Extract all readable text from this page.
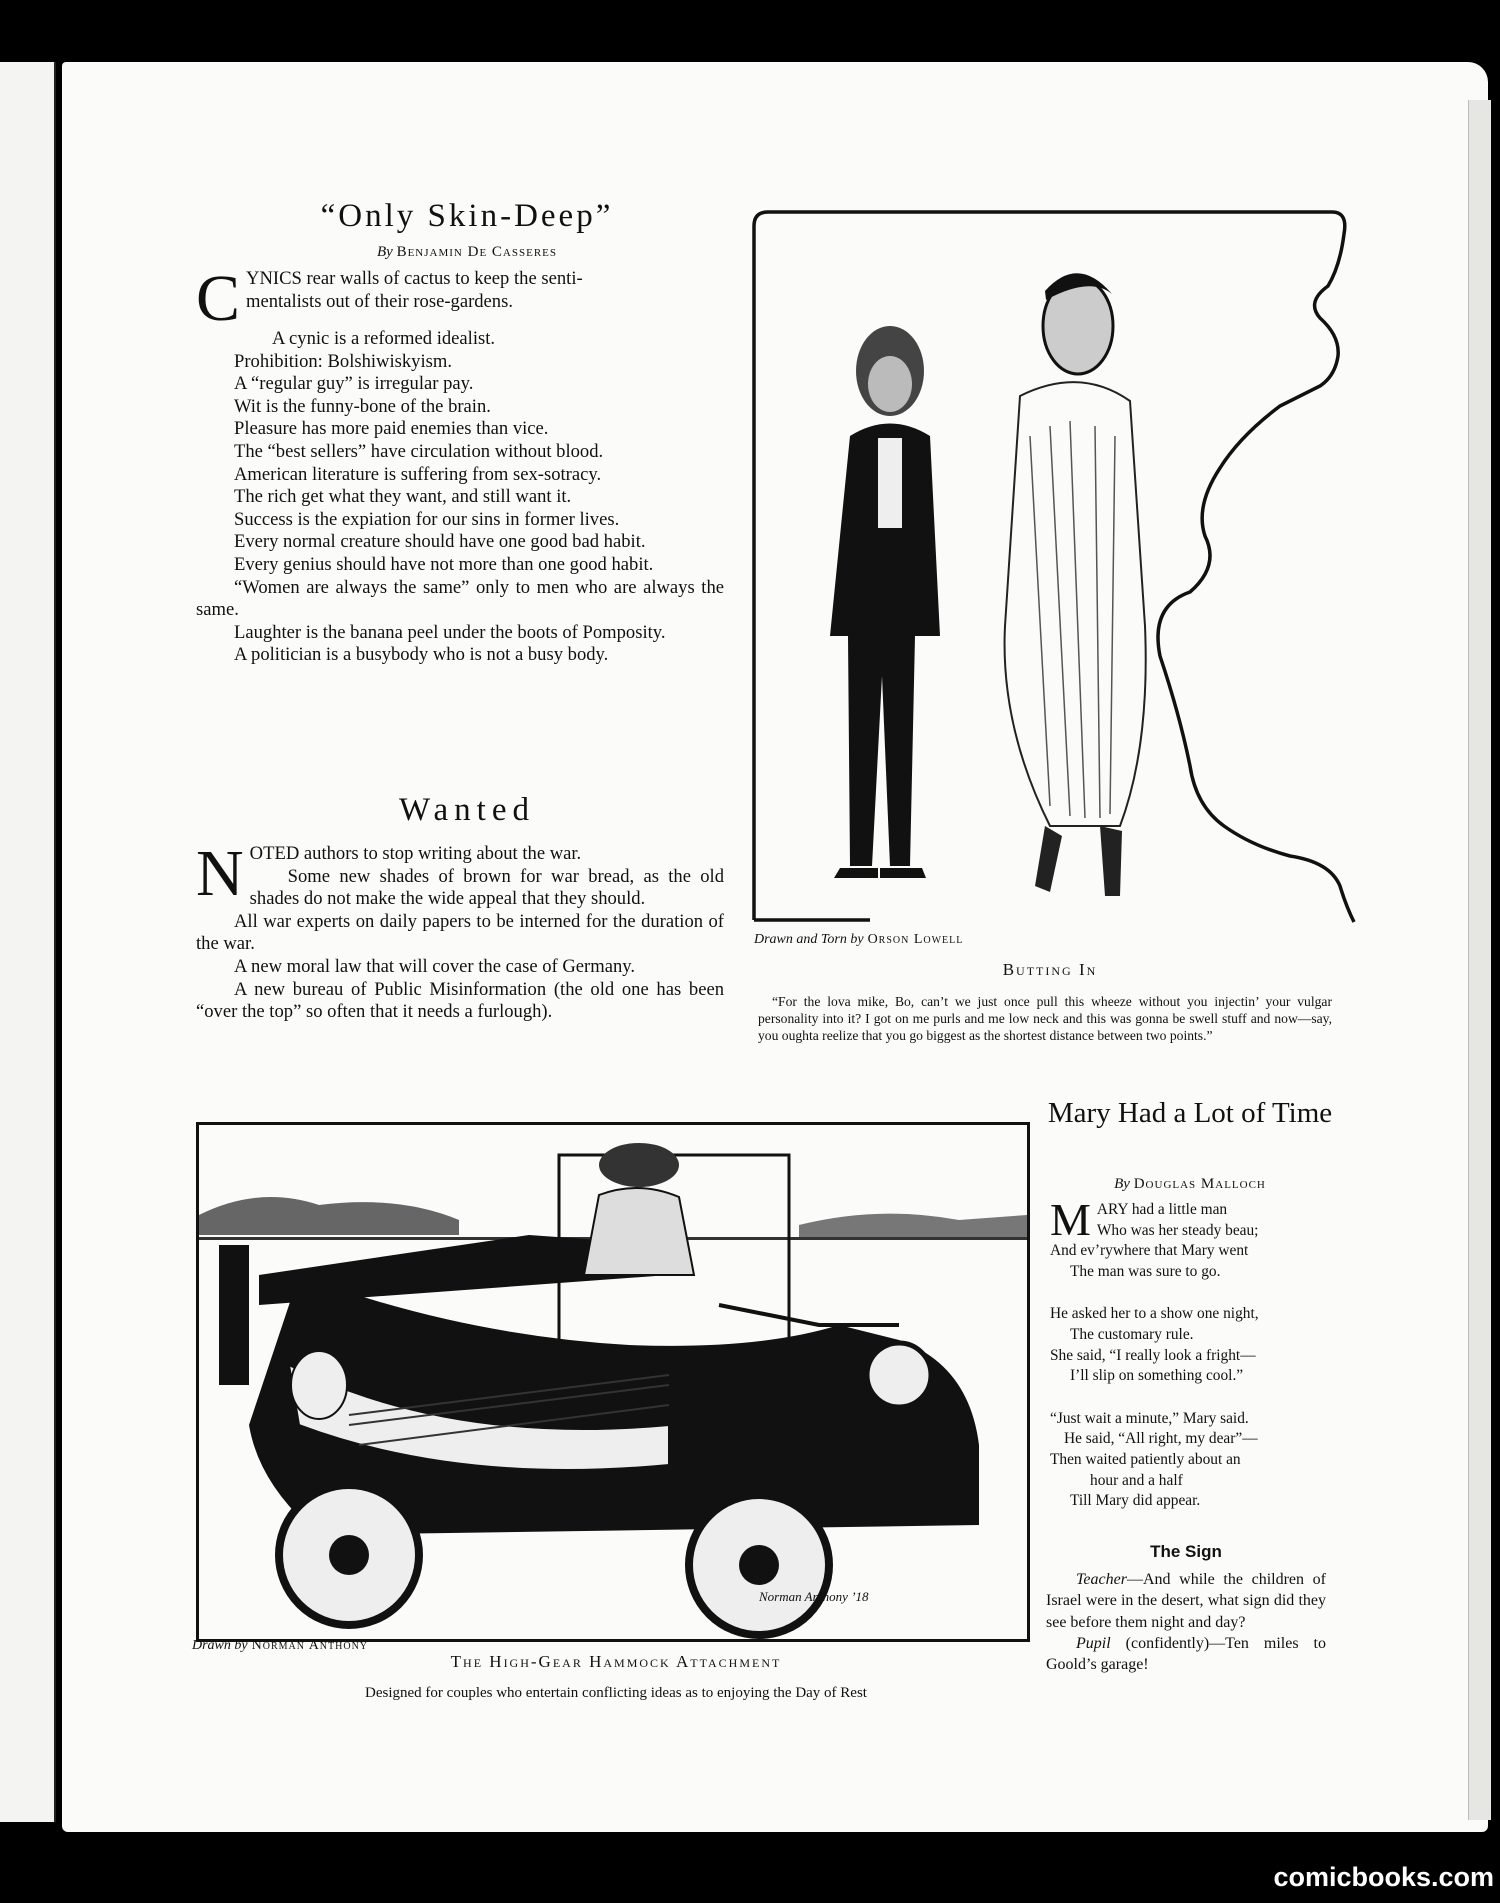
“Only Skin-Deep”
By Benjamin De Casseres
C YNICS rear walls of cactus to keep the senti-
mentalists out of their rose-gardens.
A cynic is a reformed idealist.
Prohibition: Bolshiwiskyism.
A “regular guy” is irregular pay.
Wit is the funny-bone of the brain.
Pleasure has more paid enemies than vice.
The “best sellers” have circulation without blood.
American literature is suffering from sex-sotracy.
The rich get what they want, and still want it.
Success is the expiation for our sins in former lives.
Every normal creature should have one good bad habit.
Every genius should have not more than one good habit.
“Women are always the same” only to men who are always the same.
Laughter is the banana peel under the boots of Pomposity.
A politician is a busybody who is not a busy body.
Wanted
N OTED authors to stop writing about the war.
Some new shades of brown for war bread, as the old shades do not make the wide appeal that they should.
All war experts on daily papers to be interned for the duration of the war.
A new moral law that will cover the case of Germany.
A new bureau of Public Misinformation (the old one has been “over the top” so often that it needs a furlough).
Drawn and Torn by Orson Lowell
Butting In
“For the lova mike, Bo, can’t we just once pull this wheeze without you injectin’ your vulgar personality into it? I got on me purls and me low neck and this was gonna be swell stuff and now—say, you oughta reelize that you go biggest as the shortest distance between two points.”
Norman Anthony ’18
Drawn by Norman Anthony
The High-Gear Hammock Attachment
Designed for couples who entertain conflicting ideas as to enjoying the Day of Rest
Mary Had a Lot of Time
By Douglas Malloch
M ARY had a little man
Who was her steady beau;
And ev’rywhere that Mary went
The man was sure to go.
He asked her to a show one night,
The customary rule.
She said, “I really look a fright—
I’ll slip on something cool.”
“Just wait a minute,” Mary said.
He said, “All right, my dear”—
Then waited patiently about an
hour and a half
Till Mary did appear.
The Sign

Teacher—And while the children of Israel were in the desert, what sign did they see before them night and day?

Pupil (confidently)—Ten miles to Goold’s garage!

comicbooks.com
